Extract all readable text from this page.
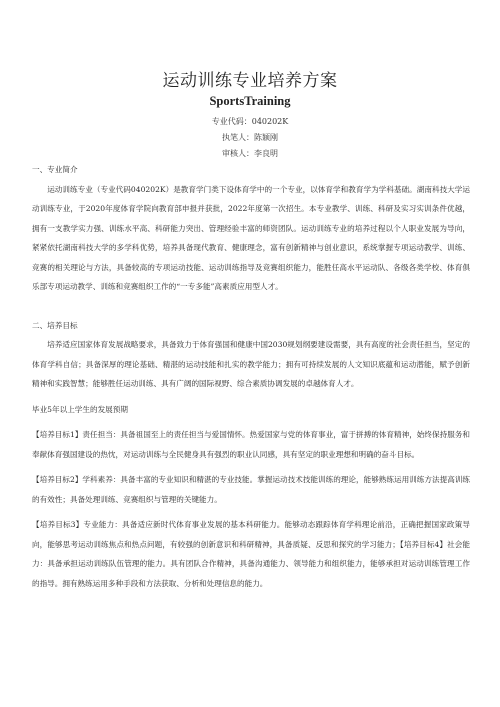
运动训练专业培养方案
SportsTraining
专业代码：040202K
执笔人：陈颖刚
审核人：李良明

一、专业简介

运动训练专业（专业代码040202K）是教育学门类下设体育学中的一个专业，以体育学和教育学为学科基础。湖南科技大学运动训练专业，于2020年度体育学院向教育部申报并获批，2022年度第一次招生。本专业教学、训练、科研及实习实训条件优越，拥有一支教学实力强、训练水平高、科研能力突出、管理经验丰富的师资团队。运动训练专业的培养过程以个人职业发展为导向，紧紧依托湖南科技大学的多学科优势，培养具备现代教育、健康理念，富有创新精神与创业意识，系统掌握专项运动教学、训练、竞赛的相关理论与方法，具备较高的专项运动技能、运动训练指导及竞赛组织能力，能胜任高水平运动队、各级各类学校、体育俱乐部专项运动教学、训练和竞赛组织工作的“一专多能”高素质应用型人才。

二、培养目标

培养适应国家体育发展战略要求，具备致力于体育强国和健康中国2030规划纲要建设需要，具有高度的社会责任担当，坚定的体育学科自信；具备深厚的理论基础、精湛的运动技能和扎实的教学能力；拥有可持续发展的人文知识底蕴和运动潜能，赋予创新精神和实践智慧；能够胜任运动训练、具有广阔的国际视野、综合素质协调发展的卓越体育人才。

毕业5年以上学生的发展预期

【培养目标1】责任担当：具备祖国至上的责任担当与爱国情怀。热爱国家与党的体育事业，富于拼搏的体育精神，始终保持服务和奉献体育强国建设的热忱，对运动训练与全民健身具有强烈的职业认同感，具有坚定的职业理想和明确的奋斗目标。

【培养目标2】学科素养：具备丰富的专业知识和精湛的专业技能。掌握运动技术技能训练的理论，能够熟练运用训练方法提高训练的有效性；具备处理训练、竞赛组织与管理的关键能力。

【培养目标3】专业能力：具备适应新时代体育事业发展的基本科研能力。能够动态跟踪体育学科理论前沿，正确把握国家政策导向，能够思考运动训练焦点和热点问题，有较强的创新意识和科研精神，具备质疑、反思和探究的学习能力；【培养目标4】社会能力：具备承担运动训练队伍管理的能力。具有团队合作精神，具备沟通能力、领导能力和组织能力，能够承担对运动训练管理工作的指导。拥有熟练运用多种手段和方法获取、分析和处理信息的能力。
